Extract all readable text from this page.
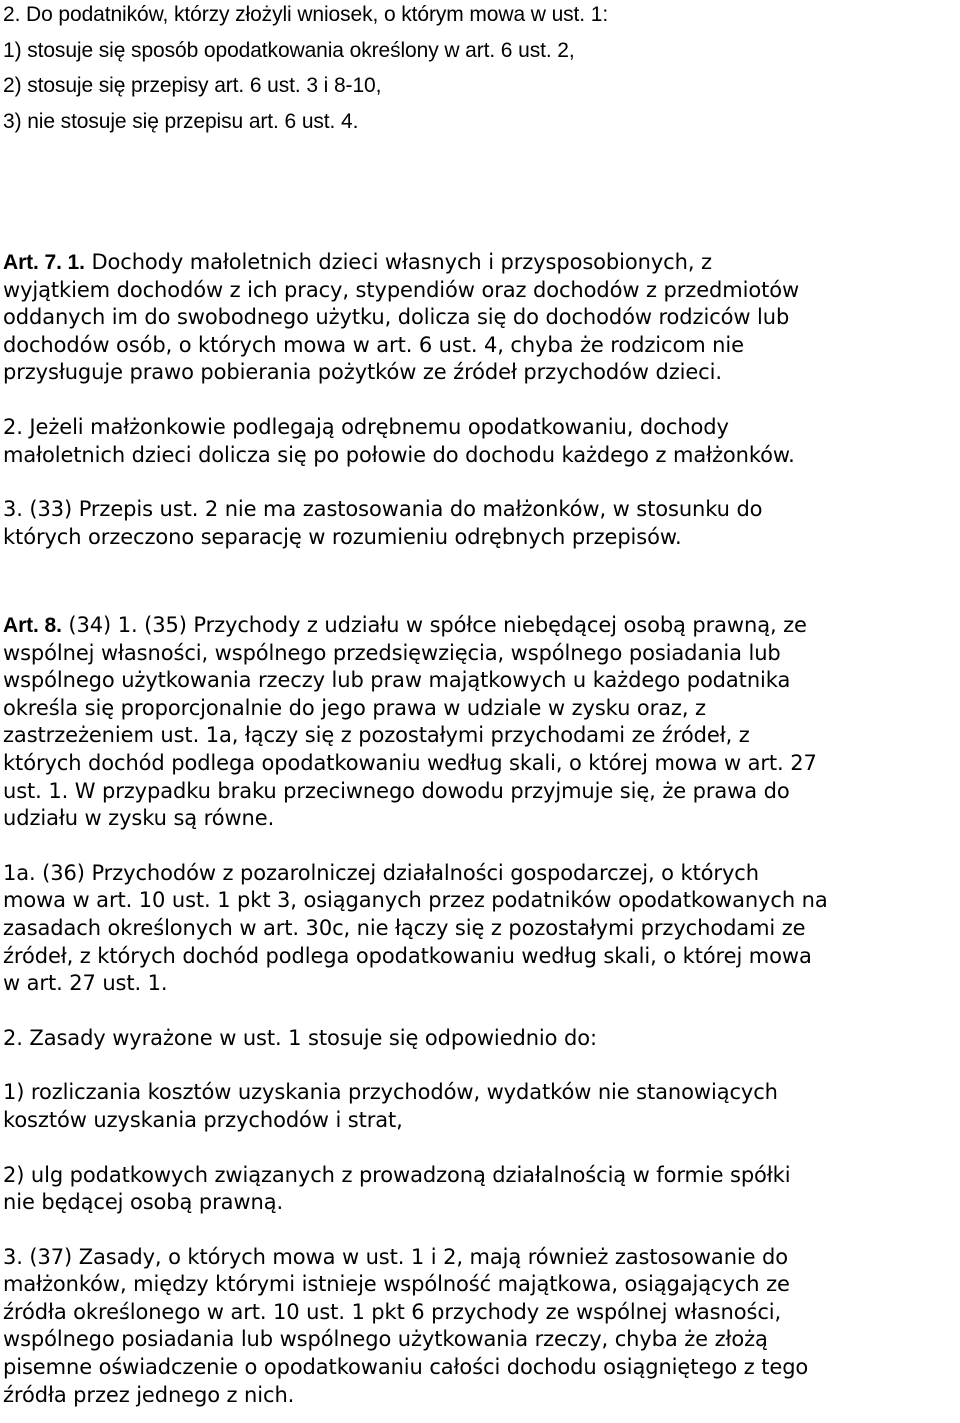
2. Do podatników, którzy złożyli wniosek, o którym mowa w ust. 1:
1) stosuje się sposób opodatkowania określony w art. 6 ust. 2,
2) stosuje się przepisy art. 6 ust. 3 i 8-10,
3) nie stosuje się przepisu art. 6 ust. 4.
Art. 7. 1. Dochody małoletnich dzieci własnych i przysposobionych, z
wyjątkiem dochodów z ich pracy, stypendiów oraz dochodów z przedmiotów
oddanych im do swobodnego użytku, dolicza się do dochodów rodziców lub
dochodów osób, o których mowa w art. 6 ust. 4, chyba że rodzicom nie
przysługuje prawo pobierania pożytków ze źródeł przychodów dzieci.
2. Jeżeli małżonkowie podlegają odrębnemu opodatkowaniu, dochody
małoletnich dzieci dolicza się po połowie do dochodu każdego z małżonków.
3. (33) Przepis ust. 2 nie ma zastosowania do małżonków, w stosunku do
których orzeczono separację w rozumieniu odrębnych przepisów.
Art. 8. (34) 1. (35) Przychody z udziału w spółce niebędącej osobą prawną, ze
wspólnej własności, wspólnego przedsięwzięcia, wspólnego posiadania lub
wspólnego użytkowania rzeczy lub praw majątkowych u każdego podatnika
określa się proporcjonalnie do jego prawa w udziale w zysku oraz, z
zastrzeżeniem ust. 1a, łączy się z pozostałymi przychodami ze źródeł, z
których dochód podlega opodatkowaniu według skali, o której mowa w art. 27
ust. 1. W przypadku braku przeciwnego dowodu przyjmuje się, że prawa do
udziału w zysku są równe.
1a. (36) Przychodów z pozarolniczej działalności gospodarczej, o których
mowa w art. 10 ust. 1 pkt 3, osiąganych przez podatników opodatkowanych na
zasadach określonych w art. 30c, nie łączy się z pozostałymi przychodami ze
źródeł, z których dochód podlega opodatkowaniu według skali, o której mowa
w art. 27 ust. 1.
2. Zasady wyrażone w ust. 1 stosuje się odpowiednio do:
1) rozliczania kosztów uzyskania przychodów, wydatków nie stanowiących
kosztów uzyskania przychodów i strat,
2) ulg podatkowych związanych z prowadzoną działalnością w formie spółki
nie będącej osobą prawną.
3. (37) Zasady, o których mowa w ust. 1 i 2, mają również zastosowanie do
małżonków, między którymi istnieje wspólność majątkowa, osiągających ze
źródła określonego w art. 10 ust. 1 pkt 6 przychody ze wspólnej własności,
wspólnego posiadania lub wspólnego użytkowania rzeczy, chyba że złożą
pisemne oświadczenie o opodatkowaniu całości dochodu osiągniętego z tego
źródła przez jednego z nich.
